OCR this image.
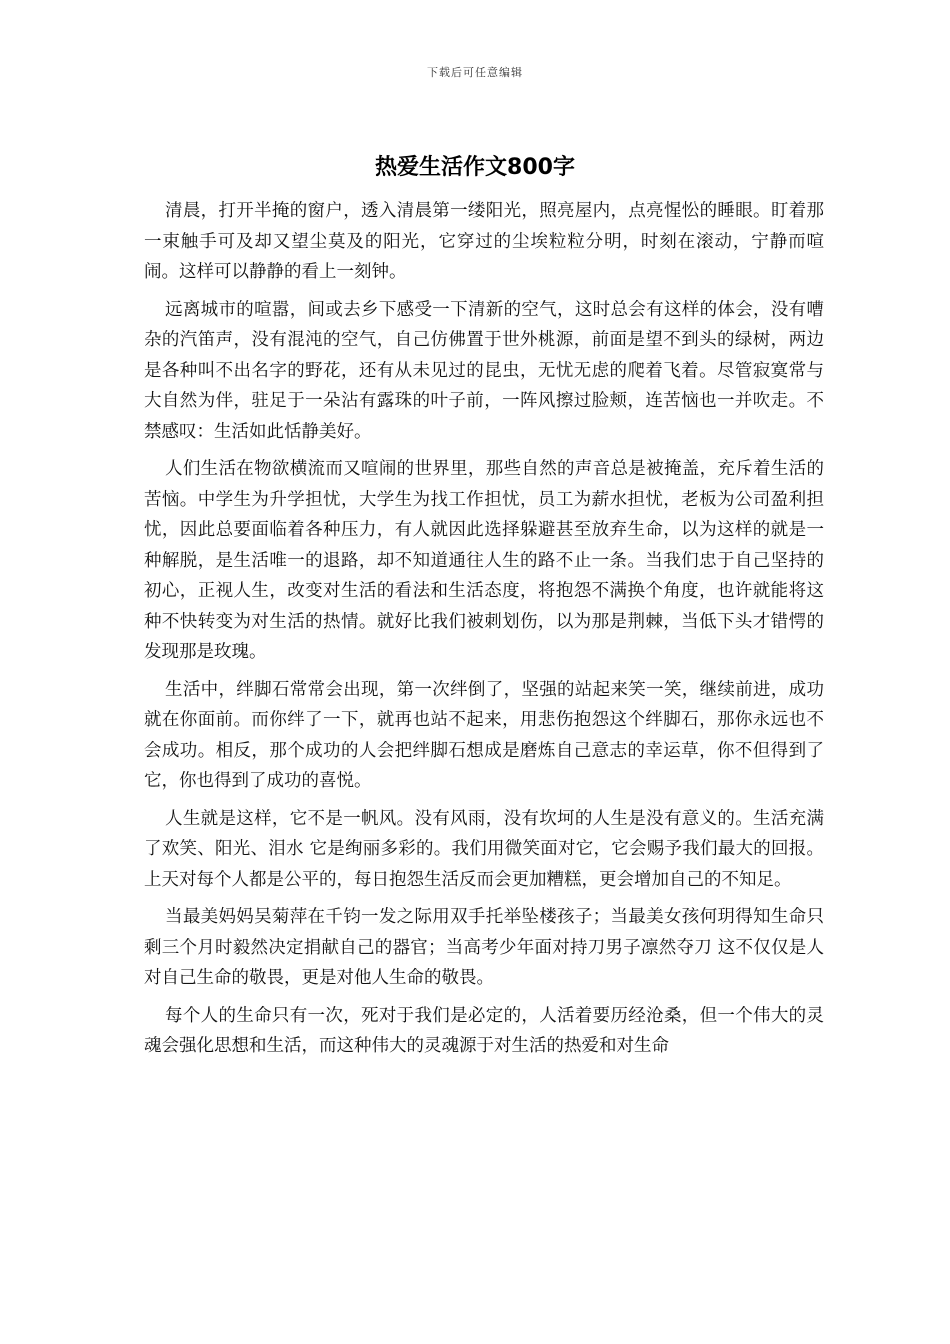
下载后可任意编辑
热爱生活作文800字

清晨，打开半掩的窗户，透入清晨第一缕阳光，照亮屋内，点亮惺忪的睡眼。盯着那一束触手可及却又望尘莫及的阳光，它穿过的尘埃粒粒分明，时刻在滚动，宁静而喧闹。这样可以静静的看上一刻钟。

远离城市的喧嚣，间或去乡下感受一下清新的空气，这时总会有这样的体会，没有嘈杂的汽笛声，没有混沌的空气，自己仿佛置于世外桃源，前面是望不到头的绿树，两边是各种叫不出名字的野花，还有从未见过的昆虫，无忧无虑的爬着飞着。尽管寂寞常与大自然为伴，驻足于一朵沾有露珠的叶子前，一阵风擦过脸颊，连苦恼也一并吹走。不禁感叹：生活如此恬静美好。

人们生活在物欲横流而又喧闹的世界里，那些自然的声音总是被掩盖，充斥着生活的苦恼。中学生为升学担忧，大学生为找工作担忧，员工为薪水担忧，老板为公司盈利担忧，因此总要面临着各种压力，有人就因此选择躲避甚至放弃生命，以为这样的就是一种解脱，是生活唯一的退路，却不知道通往人生的路不止一条。当我们忠于自己坚持的初心，正视人生，改变对生活的看法和生活态度，将抱怨不满换个角度，也许就能将这种不快转变为对生活的热情。就好比我们被刺划伤，以为那是荆棘，当低下头才错愕的发现那是玫瑰。

生活中，绊脚石常常会出现，第一次绊倒了，坚强的站起来笑一笑，继续前进，成功就在你面前。而你绊了一下，就再也站不起来，用悲伤抱怨这个绊脚石，那你永远也不会成功。相反，那个成功的人会把绊脚石想成是磨炼自己意志的幸运草，你不但得到了它，你也得到了成功的喜悦。

人生就是这样，它不是一帆风。没有风雨，没有坎坷的人生是没有意义的。生活充满了欢笑、阳光、泪水 它是绚丽多彩的。我们用微笑面对它，它会赐予我们最大的回报。上天对每个人都是公平的，每日抱怨生活反而会更加糟糕，更会增加自己的不知足。

当最美妈妈吴菊萍在千钧一发之际用双手托举坠楼孩子；当最美女孩何玥得知生命只剩三个月时毅然决定捐献自己的器官；当高考少年面对持刀男子凛然夺刀 这不仅仅是人对自己生命的敬畏，更是对他人生命的敬畏。

每个人的生命只有一次，死对于我们是必定的，人活着要历经沧桑，但一个伟大的灵魂会强化思想和生活，而这种伟大的灵魂源于对生活的热爱和对生命
